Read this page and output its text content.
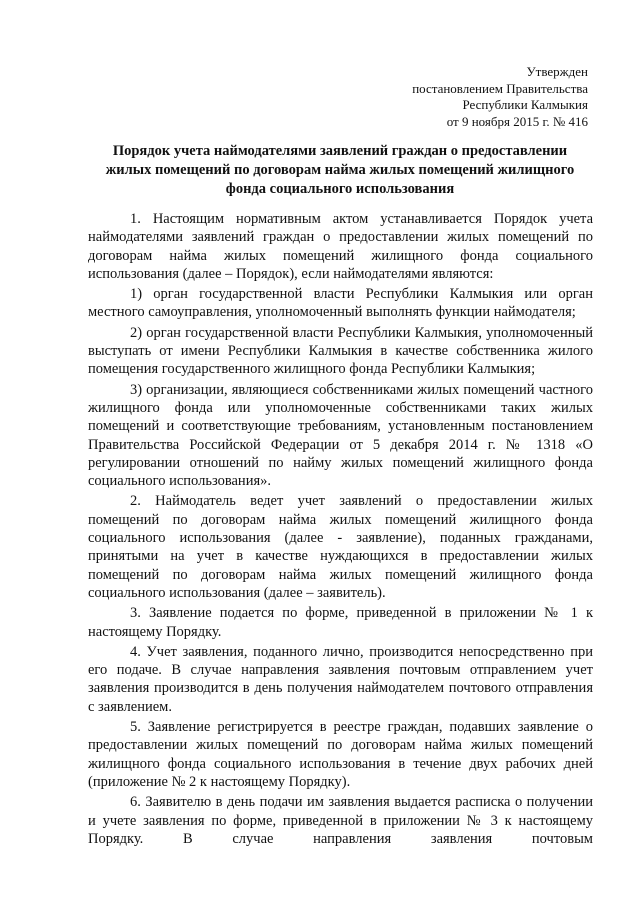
Утвержден
постановлением Правительства
Республики Калмыкия
от 9 ноября 2015 г. № 416
Порядок учета наймодателями заявлений граждан о предоставлении жилых помещений по договорам найма жилых помещений жилищного фонда социального использования

1. Настоящим нормативным актом устанавливается Порядок учета наймодателями заявлений граждан о предоставлении жилых помещений по договорам найма жилых помещений жилищного фонда социального использования (далее – Порядок), если наймодателями являются:

1) орган государственной власти Республики Калмыкия или орган местного самоуправления, уполномоченный выполнять функции наймодателя;

2) орган государственной власти Республики Калмыкия, уполномоченный выступать от имени Республики Калмыкия в качестве собственника жилого помещения государственного жилищного фонда Республики Калмыкия;

3) организации, являющиеся собственниками жилых помещений частного жилищного фонда или уполномоченные собственниками таких жилых помещений и соответствующие требованиям, установленным постановлением Правительства Российской Федерации от 5 декабря 2014 г. № 1318 «О регулировании отношений по найму жилых помещений жилищного фонда социального использования».

2. Наймодатель ведет учет заявлений о предоставлении жилых помещений по договорам найма жилых помещений жилищного фонда социального использования (далее - заявление), поданных гражданами, принятыми на учет в качестве нуждающихся в предоставлении жилых помещений по договорам найма жилых помещений жилищного фонда социального использования (далее – заявитель).

3. Заявление подается по форме, приведенной в приложении № 1 к настоящему Порядку.

4. Учет заявления, поданного лично, производится непосредственно при его подаче. В случае направления заявления почтовым отправлением учет заявления производится в день получения наймодателем почтового отправления с заявлением.

5. Заявление регистрируется в реестре граждан, подавших заявление о предоставлении жилых помещений по договорам найма жилых помещений жилищного фонда социального использования в течение двух рабочих дней (приложение № 2 к настоящему Порядку).

6. Заявителю в день подачи им заявления выдается расписка о получении и учете заявления по форме, приведенной в приложении № 3 к настоящему Порядку. В случае направления заявления почтовым
